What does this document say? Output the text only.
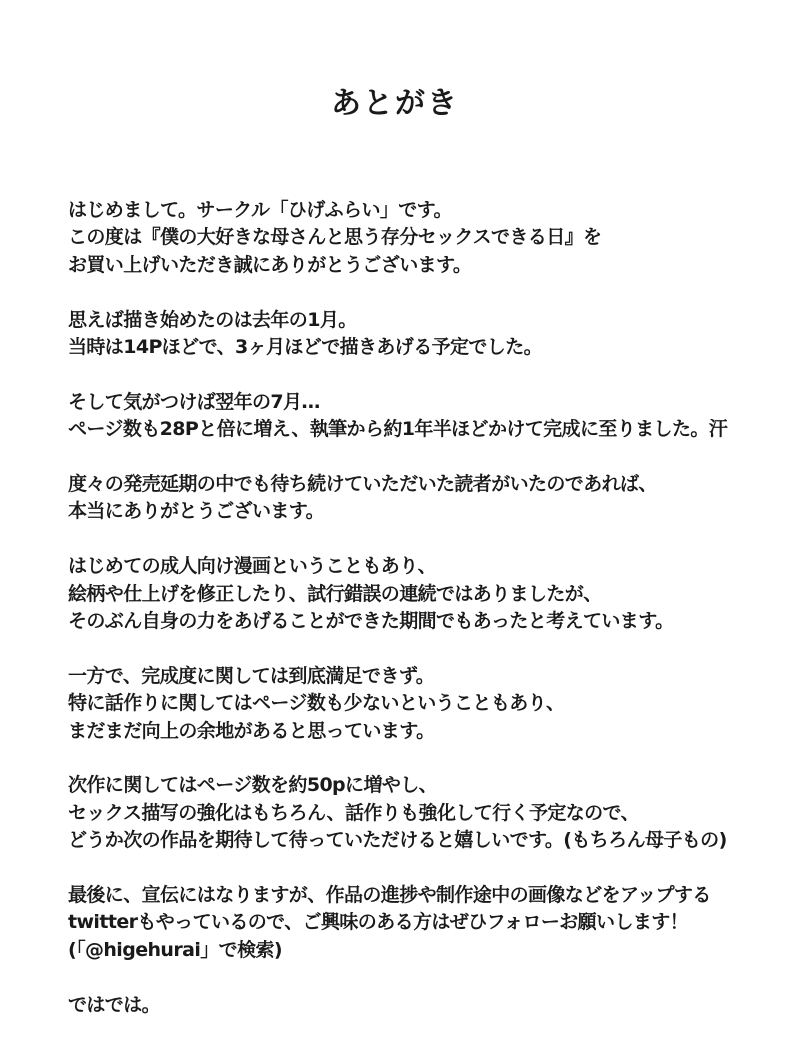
あとがき
はじめまして。サークル「ひげふらい」です。
この度は『僕の大好きな母さんと思う存分セックスできる日』を
お買い上げいただき誠にありがとうございます。
思えば描き始めたのは去年の1月。
当時は14Pほどで、3ヶ月ほどで描きあげる予定でした。
そして気がつけば翌年の7月…
ページ数も28Pと倍に増え、執筆から約1年半ほどかけて完成に至りました。汗
度々の発売延期の中でも待ち続けていただいた読者がいたのであれば、
本当にありがとうございます。
はじめての成人向け漫画ということもあり、
絵柄や仕上げを修正したり、試行錯誤の連続ではありましたが、
そのぶん自身の力をあげることができた期間でもあったと考えています。
一方で、完成度に関しては到底満足できず。
特に話作りに関してはページ数も少ないということもあり、
まだまだ向上の余地があると思っています。
次作に関してはページ数を約50pに増やし、
セックス描写の強化はもちろん、話作りも強化して行く予定なので、
どうか次の作品を期待して待っていただけると嬉しいです。(もちろん母子もの)
最後に、宣伝にはなりますが、作品の進捗や制作途中の画像などをアップする
twitterもやっているので、ご興味のある方はぜひフォローお願いします！
(「@higehurai」で検索)
ではでは。
